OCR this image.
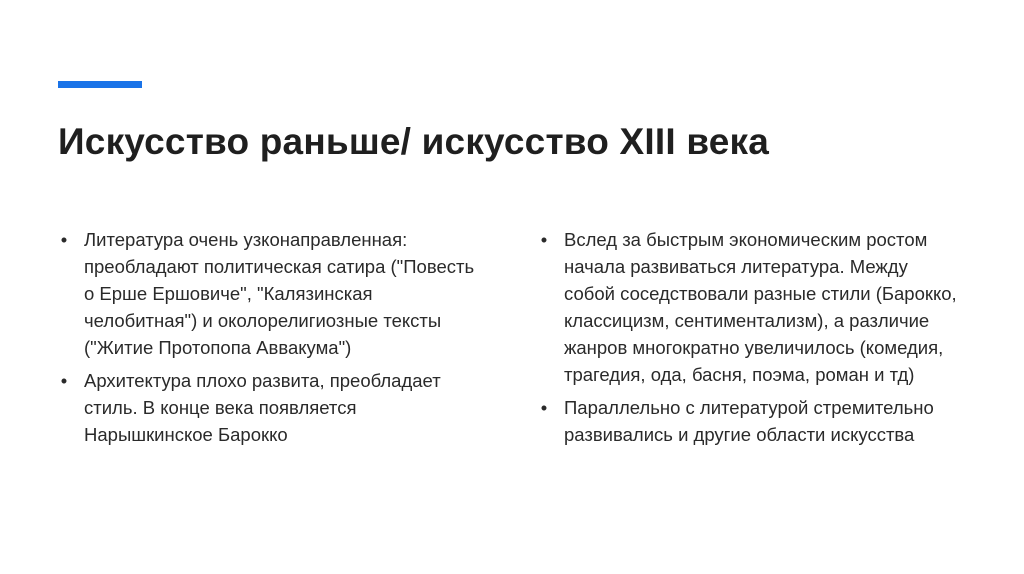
Искусство раньше/ искусство XIII века
• Литература очень узконаправленная: преобладают политическая сатира ("Повесть о Ерше Ершовиче", "Калязинская челобитная") и околорелигиозные тексты ("Житие Протопопа Аввакума")
• Архитектура плохо развита, преобладает стиль. В конце века появляется Нарышкинское Барокко
• Вслед за быстрым экономическим ростом начала развиваться литература. Между собой соседствовали разные стили (Барокко, классицизм, сентиментализм), а различие жанров многократно увеличилось (комедия, трагедия, ода, басня, поэма, роман и тд)
• Параллельно с литературой стремительно развивались и другие области искусства
